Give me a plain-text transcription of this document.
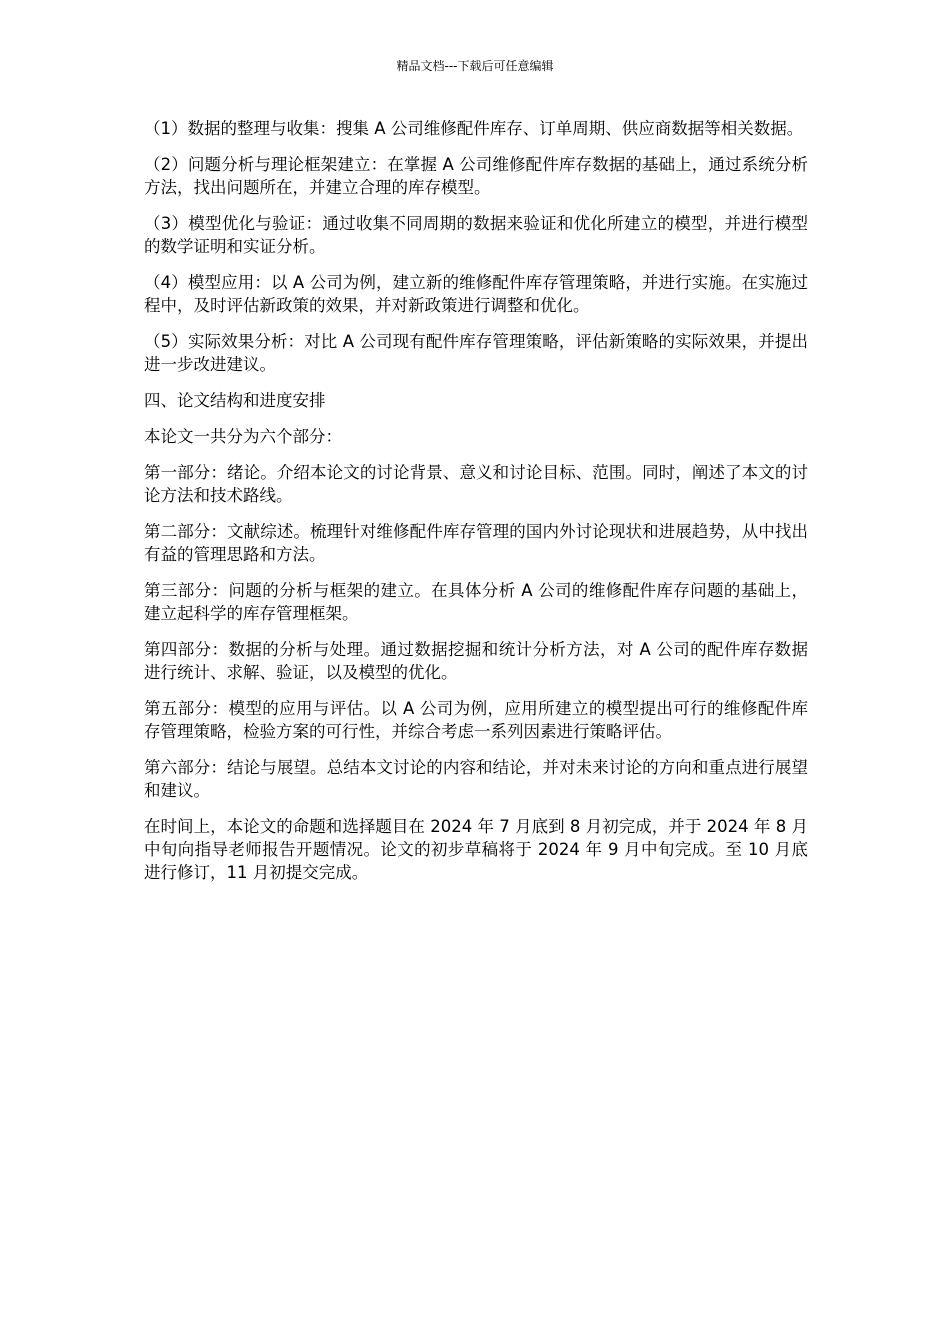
精品文档---下载后可任意编辑

（1）数据的整理与收集：搜集 A 公司维修配件库存、订单周期、供应商数据等相关数据。

（2）问题分析与理论框架建立：在掌握 A 公司维修配件库存数据的基础上，通过系统分析方法，找出问题所在，并建立合理的库存模型。

（3）模型优化与验证：通过收集不同周期的数据来验证和优化所建立的模型，并进行模型的数学证明和实证分析。

（4）模型应用：以 A 公司为例，建立新的维修配件库存管理策略，并进行实施。在实施过程中，及时评估新政策的效果，并对新政策进行调整和优化。

（5）实际效果分析：对比 A 公司现有配件库存管理策略，评估新策略的实际效果，并提出进一步改进建议。

四、论文结构和进度安排

本论文一共分为六个部分：

第一部分：绪论。介绍本论文的讨论背景、意义和讨论目标、范围。同时，阐述了本文的讨论方法和技术路线。

第二部分：文献综述。梳理针对维修配件库存管理的国内外讨论现状和进展趋势，从中找出有益的管理思路和方法。

第三部分：问题的分析与框架的建立。在具体分析 A 公司的维修配件库存问题的基础上，建立起科学的库存管理框架。

第四部分：数据的分析与处理。通过数据挖掘和统计分析方法，对 A 公司的配件库存数据进行统计、求解、验证，以及模型的优化。

第五部分：模型的应用与评估。以 A 公司为例，应用所建立的模型提出可行的维修配件库存管理策略，检验方案的可行性，并综合考虑一系列因素进行策略评估。

第六部分：结论与展望。总结本文讨论的内容和结论，并对未来讨论的方向和重点进行展望和建议。

在时间上，本论文的命题和选择题目在 2024 年 7 月底到 8 月初完成，并于 2024 年 8 月中旬向指导老师报告开题情况。论文的初步草稿将于 2024 年 9 月中旬完成。至 10 月底进行修订，11 月初提交完成。
